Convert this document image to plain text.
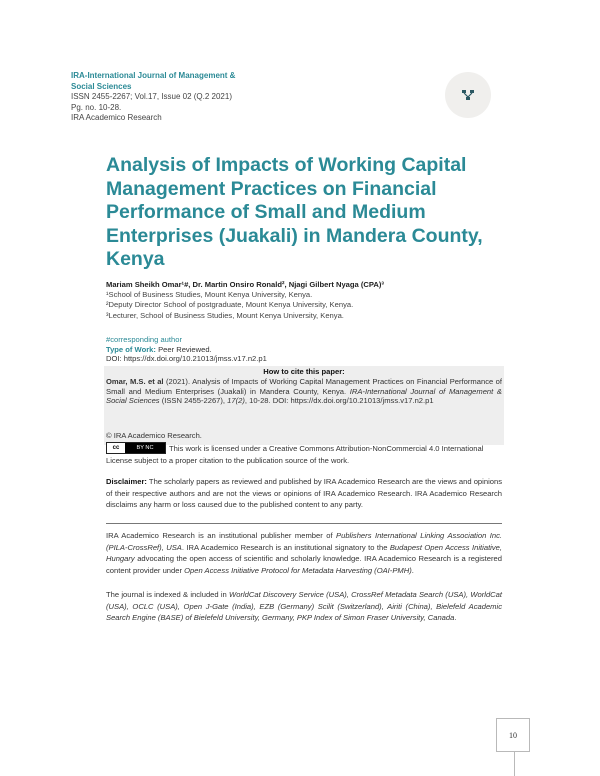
IRA-International Journal of Management &
Social Sciences
ISSN 2455-2267; Vol.17, Issue 02 (Q.2 2021)
Pg. no. 10-28.
IRA Academico Research
Analysis of Impacts of Working Capital Management Practices on Financial Performance of Small and Medium Enterprises (Juakali) in Mandera County, Kenya
Mariam Sheikh Omar¹#, Dr. Martin Onsiro Ronald², Njagi Gilbert Nyaga (CPA)³
¹School of Business Studies, Mount Kenya University, Kenya.
²Deputy Director School of postgraduate, Mount Kenya University, Kenya.
³Lecturer, School of Business Studies, Mount Kenya University, Kenya.
#corresponding author
Type of Work: Peer Reviewed.
DOI: https://dx.doi.org/10.21013/jmss.v17.n2.p1
How to cite this paper:
Omar, M.S. et al (2021). Analysis of Impacts of Working Capital Management Practices on Financial Performance of Small and Medium Enterprises (Juakali) in Mandera County, Kenya. IRA-International Journal of Management & Social Sciences (ISSN 2455-2267), 17(2), 10-28. DOI: https://dx.doi.org/10.21013/jmss.v17.n2.p1
© IRA Academico Research.
This work is licensed under a Creative Commons Attribution-NonCommercial 4.0 International License subject to a proper citation to the publication source of the work.
cc	BY NC
Disclaimer: The scholarly papers as reviewed and published by IRA Academico Research are the views and opinions of their respective authors and are not the views or opinions of IRA Academico Research. IRA Academico Research disclaims any harm or loss caused due to the published content to any party.
IRA Academico Research is an institutional publisher member of Publishers International Linking Association Inc. (PILA-CrossRef), USA. IRA Academico Research is an institutional signatory to the Budapest Open Access Initiative, Hungary advocating the open access of scientific and scholarly knowledge. IRA Academico Research is a registered content provider under Open Access Initiative Protocol for Metadata Harvesting (OAI-PMH).
The journal is indexed & included in WorldCat Discovery Service (USA), CrossRef Metadata Search (USA), WorldCat (USA), OCLC (USA), Open J-Gate (India), EZB (Germany) Scilit (Switzerland), Airiti (China), Bielefeld Academic Search Engine (BASE) of Bielefeld University, Germany, PKP Index of Simon Fraser University, Canada.
10
